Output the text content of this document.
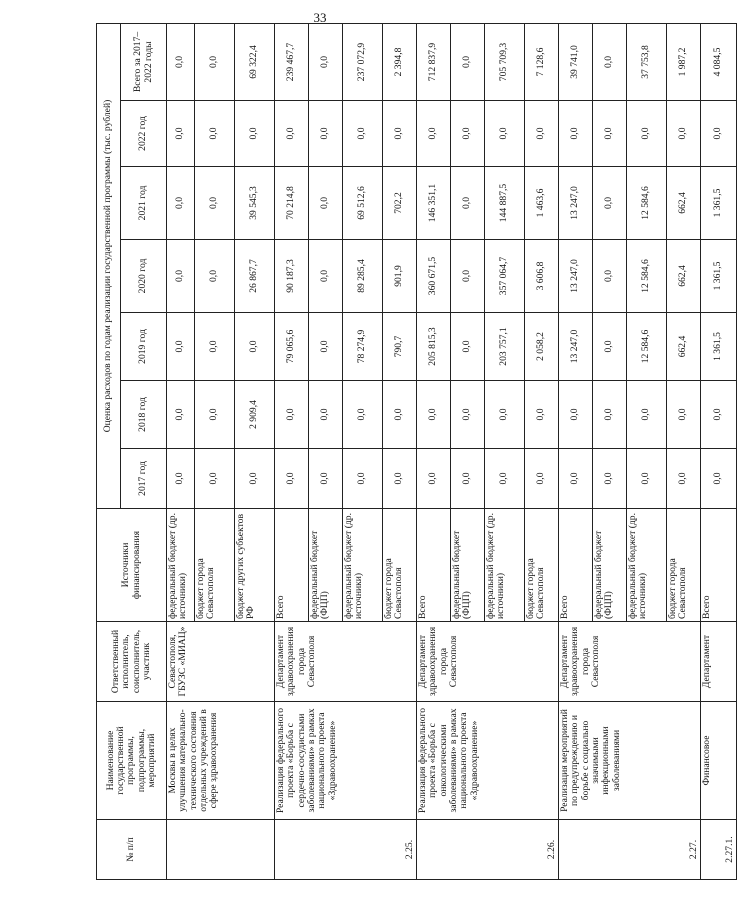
33
№ п/п	Наименование государственной программы, подпрограммы, мероприятий	Ответственный исполнитель, соисполнитель, участник	Источники финансирования	Оценка расходов по годам реализации государственной программы (тыс. рублей)						
				2017 год	2018 год	2019 год	2020 год	2021 год	2022 год	Всего за 2017–2022 годы
	Москвы в целях улучшения материально-технического состояния отдельных учреждений в сфере здравоохранения	Севастополя, ГБУЗС «МИАЦ»	федеральный бюджет (др. источники)	0,0	0,0	0,0	0,0	0,0	0,0	0,0
			бюджет города Севастополя	0,0	0,0	0,0	0,0	0,0	0,0	0,0
			бюджет других субъектов РФ	0,0	2 909,4	0,0	26 867,7	39 545,3	0,0	69 322,4
2.25.	Реализация федерального проекта «Борьба с сердечно-сосудистыми заболеваниями» в рамках национального проекта «Здравоохранение»	Департамент здравоохранения города Севастополя	Всего	0,0	0,0	79 065,6	90 187,3	70 214,8	0,0	239 467,7
			федеральный бюджет (ФЦП)	0,0	0,0	0,0	0,0	0,0	0,0	0,0
			федеральный бюджет (др. источники)	0,0	0,0	78 274,9	89 285,4	69 512,6	0,0	237 072,9
			бюджет города Севастополя	0,0	0,0	790,7	901,9	702,2	0,0	2 394,8
2.26.	Реализация федерального проекта «Борьба с онкологическими заболеваниями» в рамках национального проекта «Здравоохранение»	Департамент здравоохранения города Севастополя	Всего	0,0	0,0	205 815,3	360 671,5	146 351,1	0,0	712 837,9
			федеральный бюджет (ФЦП)	0,0	0,0	0,0	0,0	0,0	0,0	0,0
			федеральный бюджет (др. источники)	0,0	0,0	203 757,1	357 064,7	144 887,5	0,0	705 709,3
			бюджет города Севастополя	0,0	0,0	2 058,2	3 606,8	1 463,6	0,0	7 128,6
2.27.	Реализация мероприятий по предупреждению и борьбе с социально значимыми инфекционными заболеваниями	Департамент здравоохранения города Севастополя	Всего	0,0	0,0	13 247,0	13 247,0	13 247,0	0,0	39 741,0
			федеральный бюджет (ФЦП)	0,0	0,0	0,0	0,0	0,0	0,0	0,0
			федеральный бюджет (др. источники)	0,0	0,0	12 584,6	12 584,6	12 584,6	0,0	37 753,8
			бюджет города Севастополя	0,0	0,0	662,4	662,4	662,4	0,0	1 987,2
2.27.1.	Финансовое	Департамент	Всего	0,0	0,0	1 361,5	1 361,5	1 361,5	0,0	4 084,5
